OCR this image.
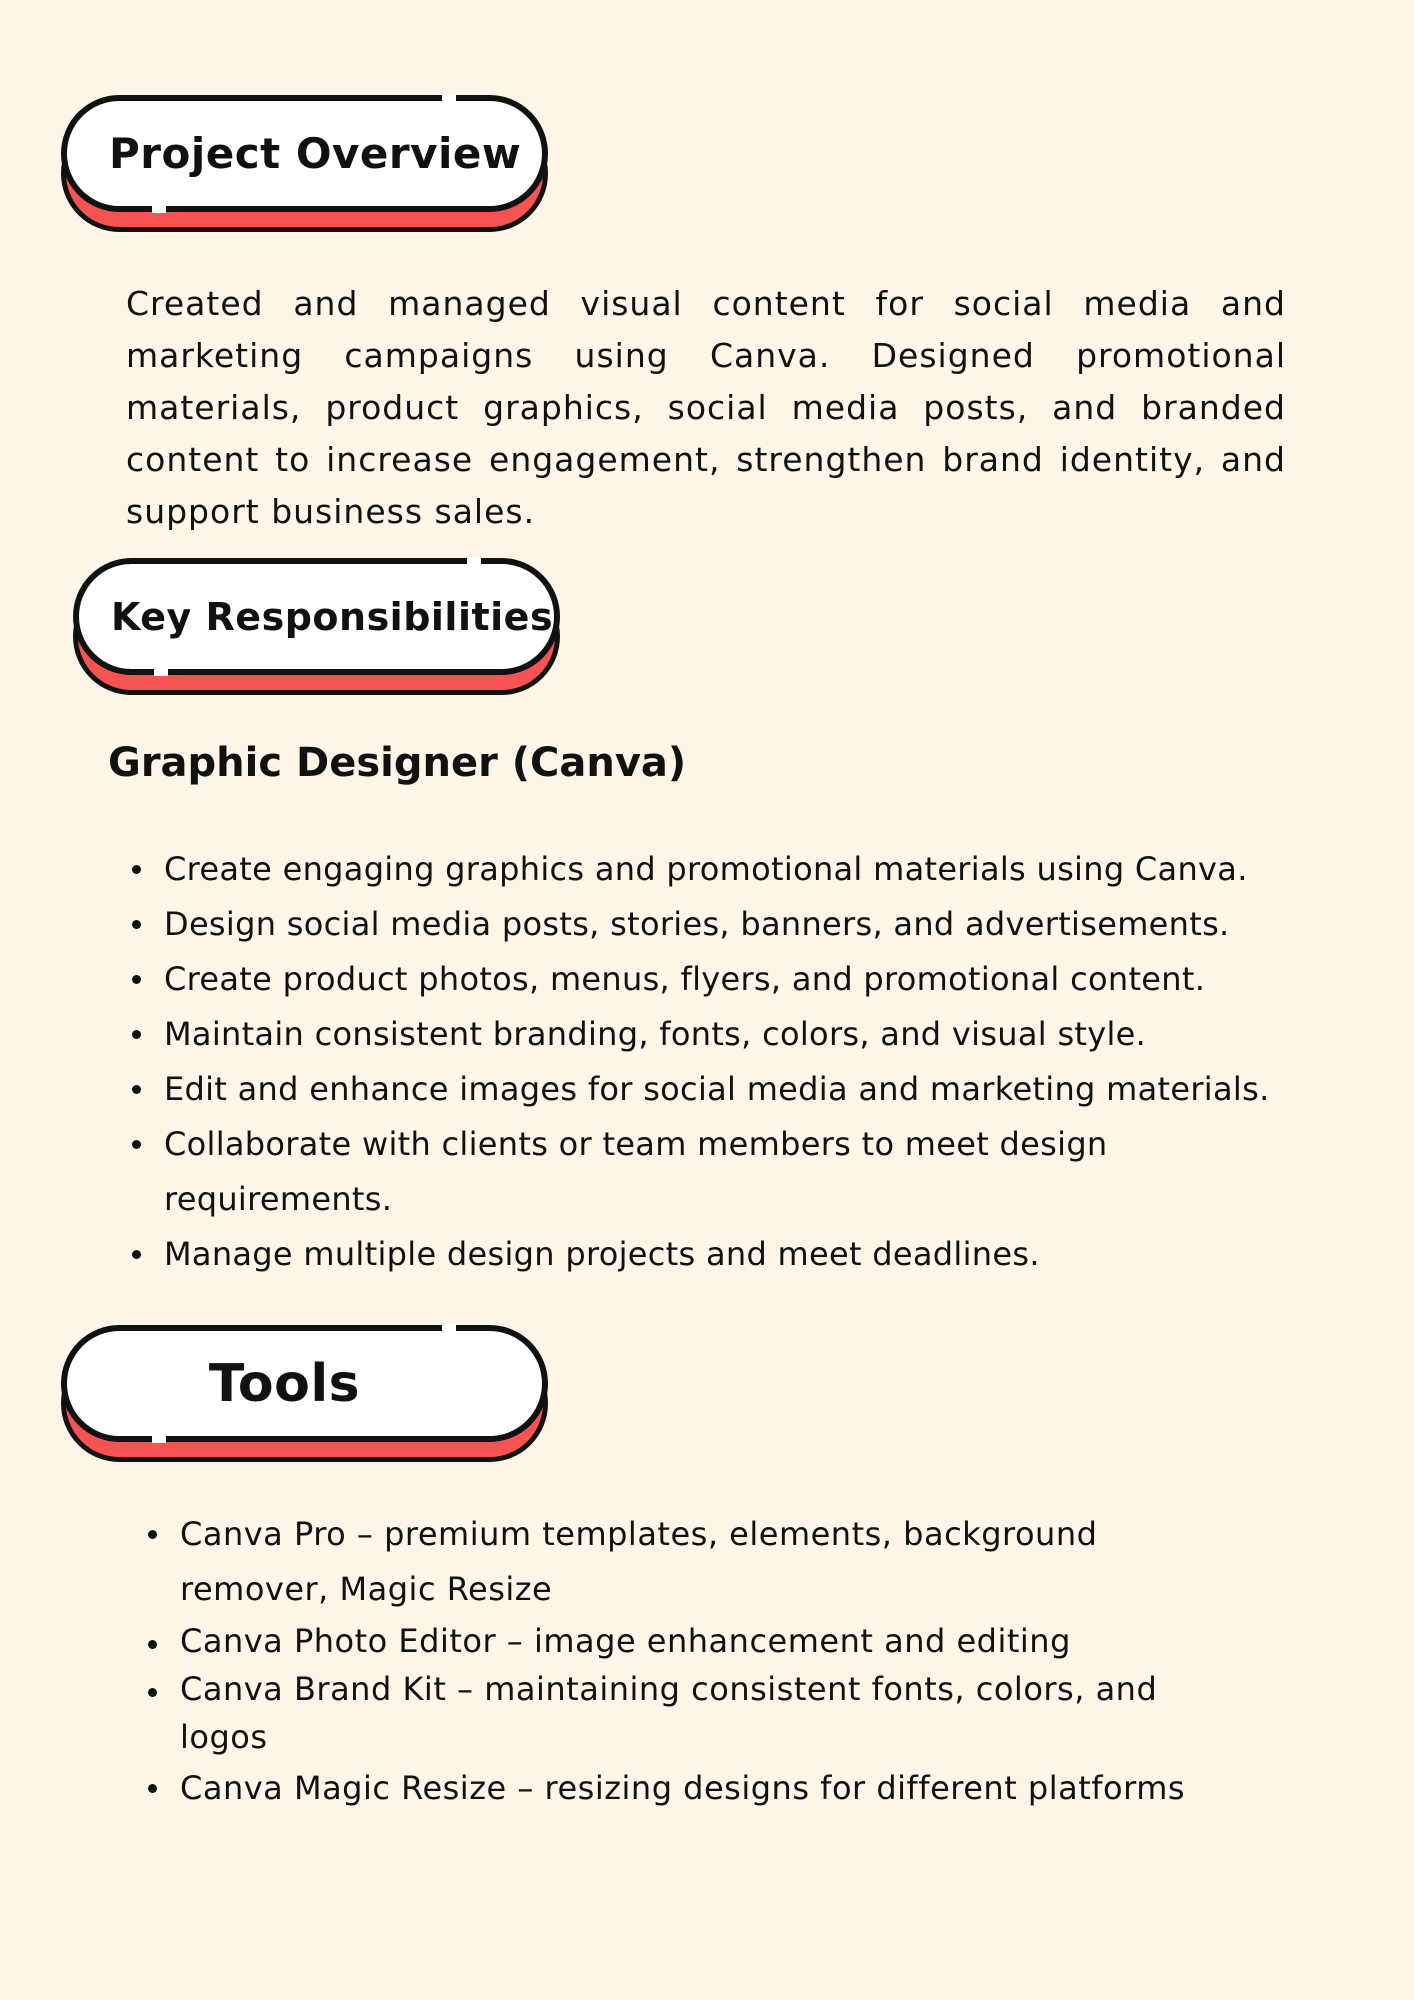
Project Overview

Created and managed visual content for social media and marketing campaigns using Canva. Designed promotional materials, product graphics, social media posts, and branded content to increase engagement, strengthen brand identity, and support business sales.

Key Responsibilities
Graphic Designer (Canva)
Create engaging graphics and promotional materials using Canva.
Design social media posts, stories, banners, and advertisements.
Create product photos, menus, flyers, and promotional content.
Maintain consistent branding, fonts, colors, and visual style.
Edit and enhance images for social media and marketing materials.
Collaborate with clients or team members to meet design requirements.
Manage multiple design projects and meet deadlines.
Tools
Canva Pro – premium templates, elements, background remover, Magic Resize
Canva Photo Editor – image enhancement and editing
Canva Brand Kit – maintaining consistent fonts, colors, and logos
Canva Magic Resize – resizing designs for different platforms
